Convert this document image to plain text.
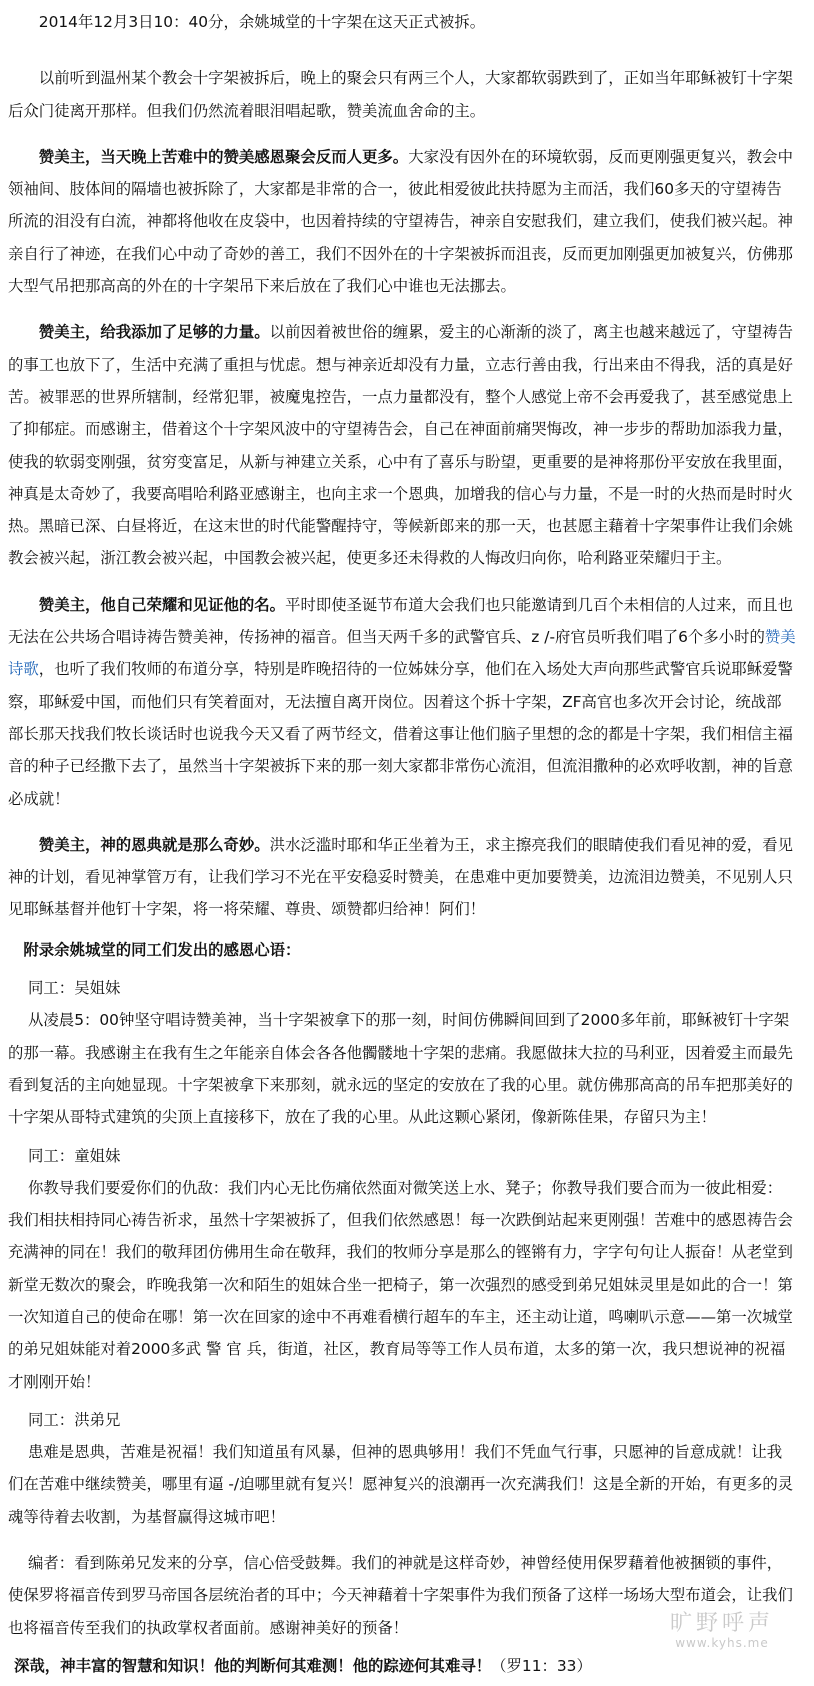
2014年12月3日10：40分，余姚城堂的十字架在这天正式被拆。

以前听到温州某个教会十字架被拆后，晚上的聚会只有两三个人，大家都软弱跌到了，正如当年耶稣被钉十字架后众门徒离开那样。但我们仍然流着眼泪唱起歌，赞美流血舍命的主。

赞美主，当天晚上苦难中的赞美感恩聚会反而人更多。大家没有因外在的环境软弱，反而更刚强更复兴，教会中领袖间、肢体间的隔墙也被拆除了，大家都是非常的合一，彼此相爱彼此扶持愿为主而活，我们60多天的守望祷告所流的泪没有白流，神都将他收在皮袋中，也因着持续的守望祷告，神亲自安慰我们，建立我们，使我们被兴起。神亲自行了神迹，在我们心中动了奇妙的善工，我们不因外在的十字架被拆而沮丧，反而更加刚强更加被复兴，仿佛那大型气吊把那高高的外在的十字架吊下来后放在了我们心中谁也无法挪去。

赞美主，给我添加了足够的力量。以前因着被世俗的缠累，爱主的心渐渐的淡了，离主也越来越远了，守望祷告的事工也放下了，生活中充满了重担与忧虑。想与神亲近却没有力量，立志行善由我，行出来由不得我，活的真是好苦。被罪恶的世界所辖制，经常犯罪，被魔鬼控告，一点力量都没有，整个人感觉上帝不会再爱我了，甚至感觉患上了抑郁症。而感谢主，借着这个十字架风波中的守望祷告会，自己在神面前痛哭悔改，神一步步的帮助加添我力量，使我的软弱变刚强，贫穷变富足，从新与神建立关系，心中有了喜乐与盼望，更重要的是神将那份平安放在我里面，神真是太奇妙了，我要高唱哈利路亚感谢主，也向主求一个恩典，加增我的信心与力量，不是一时的火热而是时时火热。黑暗已深、白昼将近，在这末世的时代能警醒持守，等候新郎来的那一天，也甚愿主藉着十字架事件让我们余姚教会被兴起，浙江教会被兴起，中国教会被兴起，使更多还未得救的人悔改归向你，哈利路亚荣耀归于主。

赞美主，他自己荣耀和见证他的名。平时即使圣诞节布道大会我们也只能邀请到几百个未相信的人过来，而且也无法在公共场合唱诗祷告赞美神，传扬神的福音。但当天两千多的武警官兵、z /-府官员听我们唱了6个多小时的赞美诗歌，也听了我们牧师的布道分享，特别是昨晚招待的一位姊妹分享，他们在入场处大声向那些武警官兵说耶稣爱警察，耶稣爱中国，而他们只有笑着面对，无法擅自离开岗位。因着这个拆十字架，ZF高官也多次开会讨论，统战部部长那天找我们牧长谈话时也说我今天又看了两节经文，借着这事让他们脑子里想的念的都是十字架，我们相信主福音的种子已经撒下去了，虽然当十字架被拆下来的那一刻大家都非常伤心流泪，但流泪撒种的必欢呼收割，神的旨意必成就！

赞美主，神的恩典就是那么奇妙。洪水泛滥时耶和华正坐着为王，求主擦亮我们的眼睛使我们看见神的爱，看见神的计划，看见神掌管万有，让我们学习不光在平安稳妥时赞美，在患难中更加要赞美，边流泪边赞美，不见别人只见耶稣基督并他钉十字架，将一将荣耀、尊贵、颂赞都归给神！阿们！

附录余姚城堂的同工们发出的感恩心语：

同工：吴姐妹

从凌晨5：00钟坚守唱诗赞美神，当十字架被拿下的那一刻，时间仿佛瞬间回到了2000多年前，耶稣被钉十字架的那一幕。我感谢主在我有生之年能亲自体会各各他髑髅地十字架的悲痛。我愿做抹大拉的马利亚，因着爱主而最先看到复活的主向她显现。十字架被拿下来那刻，就永远的坚定的安放在了我的心里。就仿佛那高高的吊车把那美好的十字架从哥特式建筑的尖顶上直接移下，放在了我的心里。从此这颗心紧闭，像新陈佳果，存留只为主！

同工：童姐妹

你教导我们要爱你们的仇敌：我们内心无比伤痛依然面对微笑送上水、凳子；你教导我们要合而为一彼此相爱：我们相扶相持同心祷告祈求，虽然十字架被拆了，但我们依然感恩！每一次跌倒站起来更刚强！苦难中的感恩祷告会充满神的同在！我们的敬拜团仿佛用生命在敬拜，我们的牧师分享是那么的铿锵有力，字字句句让人振奋！从老堂到新堂无数次的聚会，昨晚我第一次和陌生的姐妹合坐一把椅子，第一次强烈的感受到弟兄姐妹灵里是如此的合一！第一次知道自己的使命在哪！第一次在回家的途中不再难看横行超车的车主，还主动让道，鸣喇叭示意——第一次城堂的弟兄姐妹能对着2000多武 警 官 兵，街道，社区，教育局等等工作人员布道，太多的第一次，我只想说神的祝福才刚刚开始！

同工：洪弟兄

患难是恩典，苦难是祝福！我们知道虽有风暴，但神的恩典够用！我们不凭血气行事，只愿神的旨意成就！让我们在苦难中继续赞美，哪里有逼 -/迫哪里就有复兴！愿神复兴的浪潮再一次充满我们！这是全新的开始，有更多的灵魂等待着去收割，为基督赢得这城市吧！

编者：看到陈弟兄发来的分享，信心倍受鼓舞。我们的神就是这样奇妙，神曾经使用保罗藉着他被捆锁的事件，使保罗将福音传到罗马帝国各层统治者的耳中；今天神藉着十字架事件为我们预备了这样一场场大型布道会，让我们也将福音传至我们的执政掌权者面前。感谢神美好的预备！

深哉，神丰富的智慧和知识！他的判断何其难测！他的踪迹何其难寻！（罗11：33）

旷野呼声
www.kyhs.me
